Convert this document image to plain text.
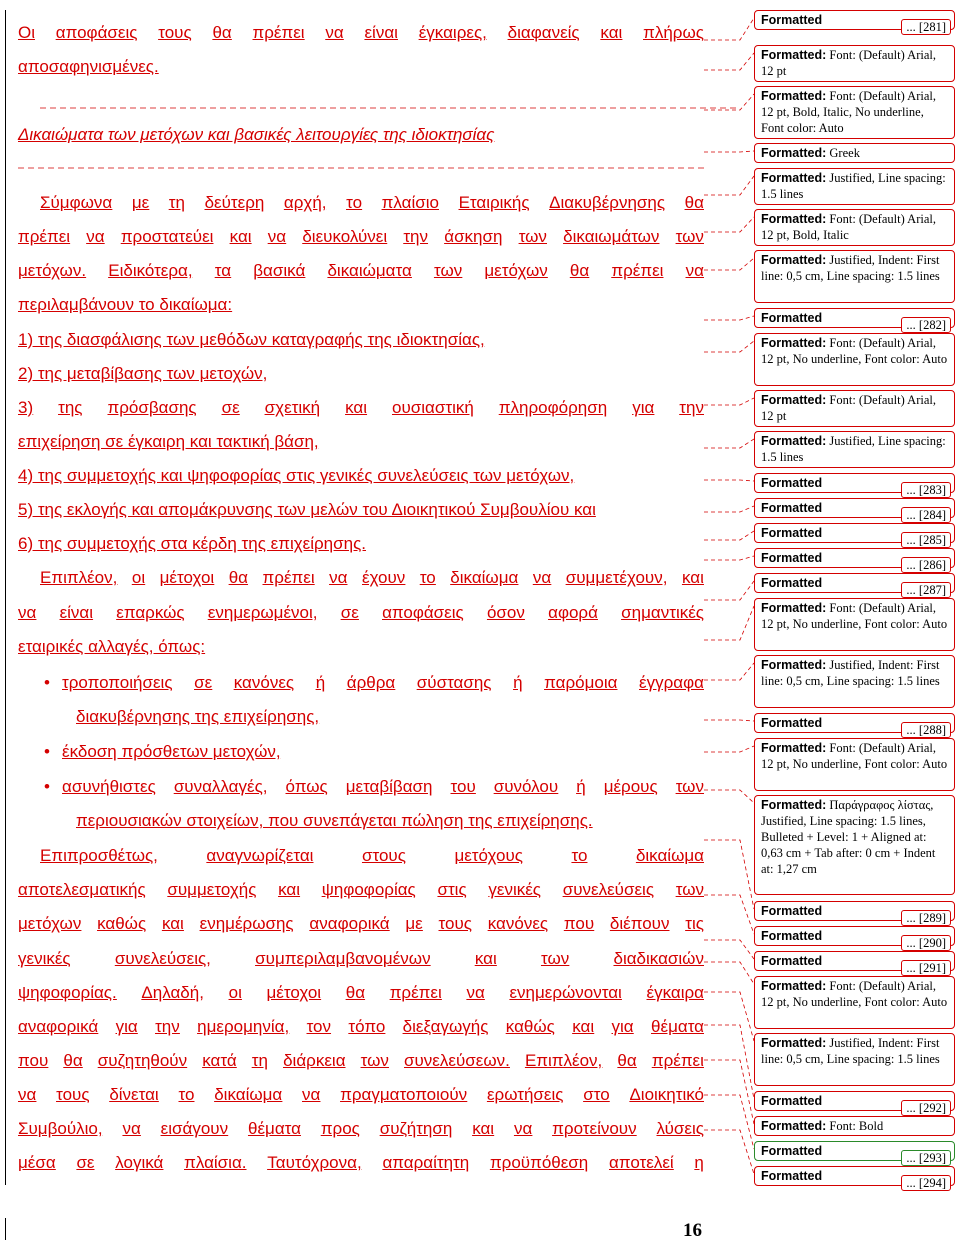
Formatted	... [281]
Formatted: Font: (Default) Arial, 12 pt
Formatted: Font: (Default) Arial, 12 pt, Bold, Italic, No underline, Font color: Auto
Formatted: Greek
Formatted: Justified, Line spacing: 1.5 lines
Formatted: Font: (Default) Arial, 12 pt, Bold, Italic
Formatted: Justified, Indent: First line: 0,5 cm, Line spacing: 1.5 lines
Formatted	... [282]
Formatted: Font: (Default) Arial, 12 pt, No underline, Font color: Auto
Formatted: Font: (Default) Arial, 12 pt
Formatted: Justified, Line spacing: 1.5 lines
Formatted	... [283]
Formatted	... [284]
Formatted	... [285]
Formatted	... [286]
Formatted	... [287]
Formatted: Font: (Default) Arial, 12 pt, No underline, Font color: Auto
Formatted: Justified, Indent: First line: 0,5 cm, Line spacing: 1.5 lines
Formatted	... [288]
Formatted: Font: (Default) Arial, 12 pt, No underline, Font color: Auto
Formatted: Παράγραφος λίστας, Justified, Line spacing: 1.5 lines, Bulleted + Level: 1 + Aligned at: 0,63 cm + Tab after: 0 cm + Indent at: 1,27 cm
Formatted	... [289]
Formatted	... [290]
Formatted	... [291]
Formatted: Font: (Default) Arial, 12 pt, No underline, Font color: Auto
Formatted: Justified, Indent: First line: 0,5 cm, Line spacing: 1.5 lines
Formatted	... [292]
Formatted: Font: Bold
Formatted	... [293]
Formatted	... [294]
16
Οι αποφάσεις τους θα πρέπει να είναι έγκαιρες, διαφανείς και πλήρως
αποσαφηνισμένες.
Δικαιώματα των μετόχων και βασικές λειτουργίες της ιδιοκτησίας
Σύμφωνα με τη δεύτερη αρχή, το πλαίσιο Εταιρικής Διακυβέρνησης θα
πρέπει να προστατεύει και να διευκολύνει την άσκηση των δικαιωμάτων των
μετόχων. Ειδικότερα, τα βασικά δικαιώματα των μετόχων θα πρέπει να
περιλαμβάνουν το δικαίωμα:
1) της διασφάλισης των μεθόδων καταγραφής της ιδιοκτησίας,
2) της μεταβίβασης των μετοχών,
3) της πρόσβασης σε σχετική και ουσιαστική πληροφόρηση για την
επιχείρηση σε έγκαιρη και τακτική βάση,
4) της συμμετοχής και ψηφοφορίας στις γενικές συνελεύσεις των μετόχων,
5) της εκλογής και απομάκρυνσης των μελών του Διοικητικού Συμβουλίου και
6) της συμμετοχής στα κέρδη της επιχείρησης.
Επιπλέον, οι μέτοχοι θα πρέπει να έχουν το δικαίωμα να συμμετέχουν, και
να είναι επαρκώς ενημερωμένοι, σε αποφάσεις όσον αφορά σημαντικές
εταιρικές αλλαγές, όπως:
τροποποιήσεις σε κανόνες ή άρθρα σύστασης ή παρόμοια έγγραφα
•
διακυβέρνησης της επιχείρησης,
έκδοση πρόσθετων μετοχών,
•
ασυνήθιστες συναλλαγές, όπως μεταβίβαση του συνόλου ή μέρους των
•
περιουσιακών στοιχείων, που συνεπάγεται πώληση της επιχείρησης.
Επιπροσθέτως,	αναγνωρίζεται	στους	μετόχους	το	δικαίωμα
αποτελεσματικής συμμετοχής και ψηφοφορίας στις γενικές συνελεύσεις των
μετόχων καθώς και ενημέρωσης αναφορικά με τους κανόνες που διέπουν τις
γενικές	συνελεύσεις,	συμπεριλαμβανομένων	και	των	διαδικασιών
ψηφοφορίας. Δηλαδή, οι μέτοχοι θα πρέπει να ενημερώνονται έγκαιρα
αναφορικά για την ημερομηνία, τον τόπο διεξαγωγής καθώς και για θέματα
που θα συζητηθούν κατά τη διάρκεια των συνελεύσεων. Επιπλέον, θα πρέπει
να τους δίνεται το δικαίωμα να πραγματοποιούν ερωτήσεις στο Διοικητικό
Συμβούλιο, να εισάγουν θέματα προς συζήτηση και να προτείνουν λύσεις
μέσα σε λογικά πλαίσια. Ταυτόχρονα, απαραίτητη προϋπόθεση αποτελεί η
